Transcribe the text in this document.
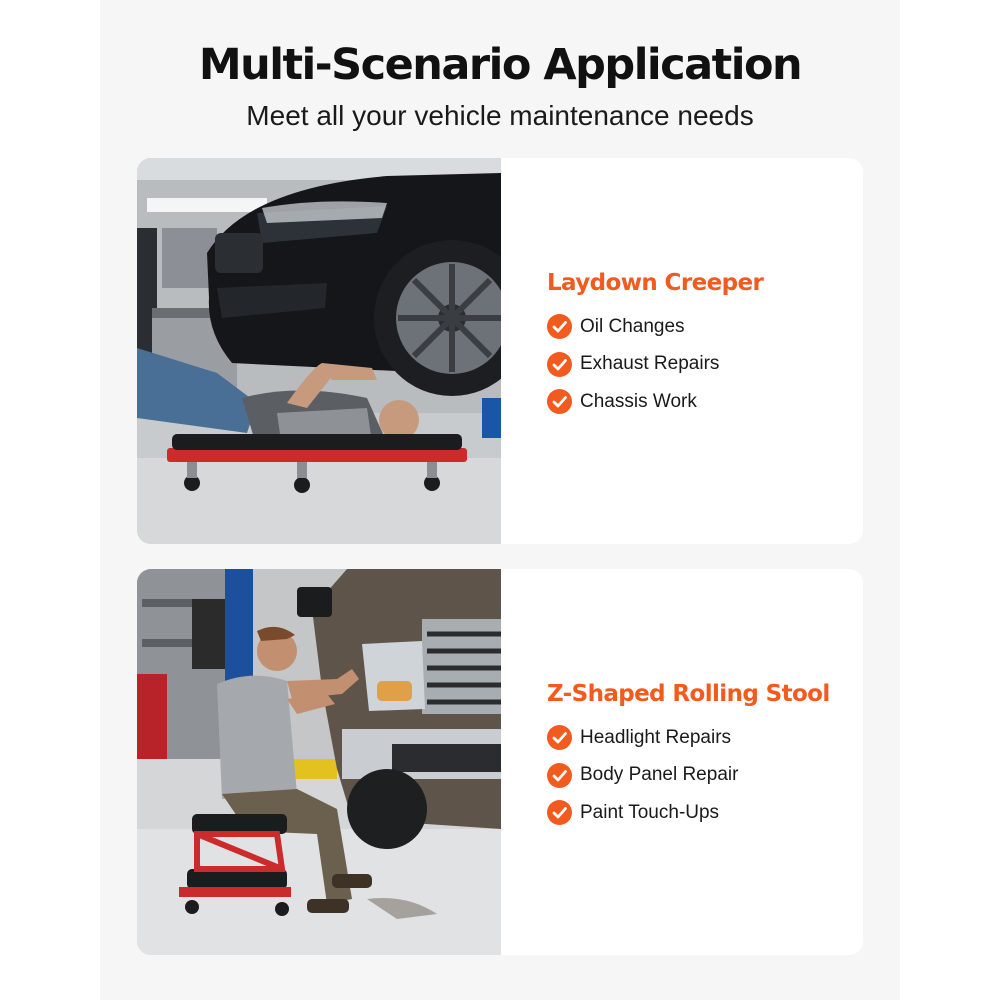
Multi-Scenario Application

Meet all your vehicle maintenance needs

Laydown Creeper
Oil Changes
Exhaust Repairs
Chassis Work
Z-Shaped Rolling Stool
Headlight Repairs
Body Panel Repair
Paint Touch-Ups
